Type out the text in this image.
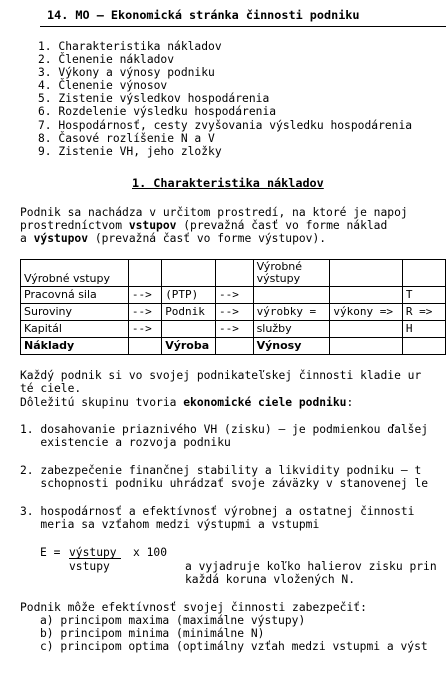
14. MO – Ekonomická stránka činnosti podniku
1. Charakteristika nákladov
2. Členenie nákladov
3. Výkony a výnosy podniku
4. Členenie výnosov
5. Zistenie výsledkov hospodárenia
6. Rozdelenie výsledku hospodárenia
7. Hospodárnosť, cesty zvyšovania výsledku hospodárenia
8. Časové rozlíšenie N a V
9. Zistenie VH, jeho zložky
1. Charakteristika nákladov
Podnik sa nachádza v určitom prostredí, na ktoré je napoj
prostredníctvom vstupov (prevažná časť vo forme náklad
a výstupov (prevažná časť vo forme výstupov).
Výrobné vstupy				Výrobné
výstupy		
Pracovná sila	-->	(PTP)	-->			T
Suroviny	-->	Podnik	-->	výrobky =	výkony =>	R =>
Kapitál	-->		-->	služby		H
Náklady		Výroba		Výnosy		
Každý podnik si vo svojej podnikateľskej činnosti kladie ur
té ciele.
Dôležitú skupinu tvoria ekonomické ciele podniku:
1. dosahovanie priaznivého VH (zisku) – je podmienkou ďalšej
existencie a rozvoja podniku
2. zabezpečenie finančnej stability a likvidity podniku – t
schopnosti podniku uhrádzať svoje záväzky v stanovenej le
3. hospodárnosť a efektívnosť výrobnej a ostatnej činnosti
meria sa vzťahom medzi výstupmi a vstupmi
E = výstupy x 100
vstupy	a vyjadruje koľko halierov zisku prin
každá koruna vložených N.
Podnik môže efektívnosť svojej činnosti zabezpečiť:
a) principom maxima (maximálne výstupy)
b) principom minima (minimálne N)
c) principom optima (optimálny vzťah medzi vstupmi a výst
